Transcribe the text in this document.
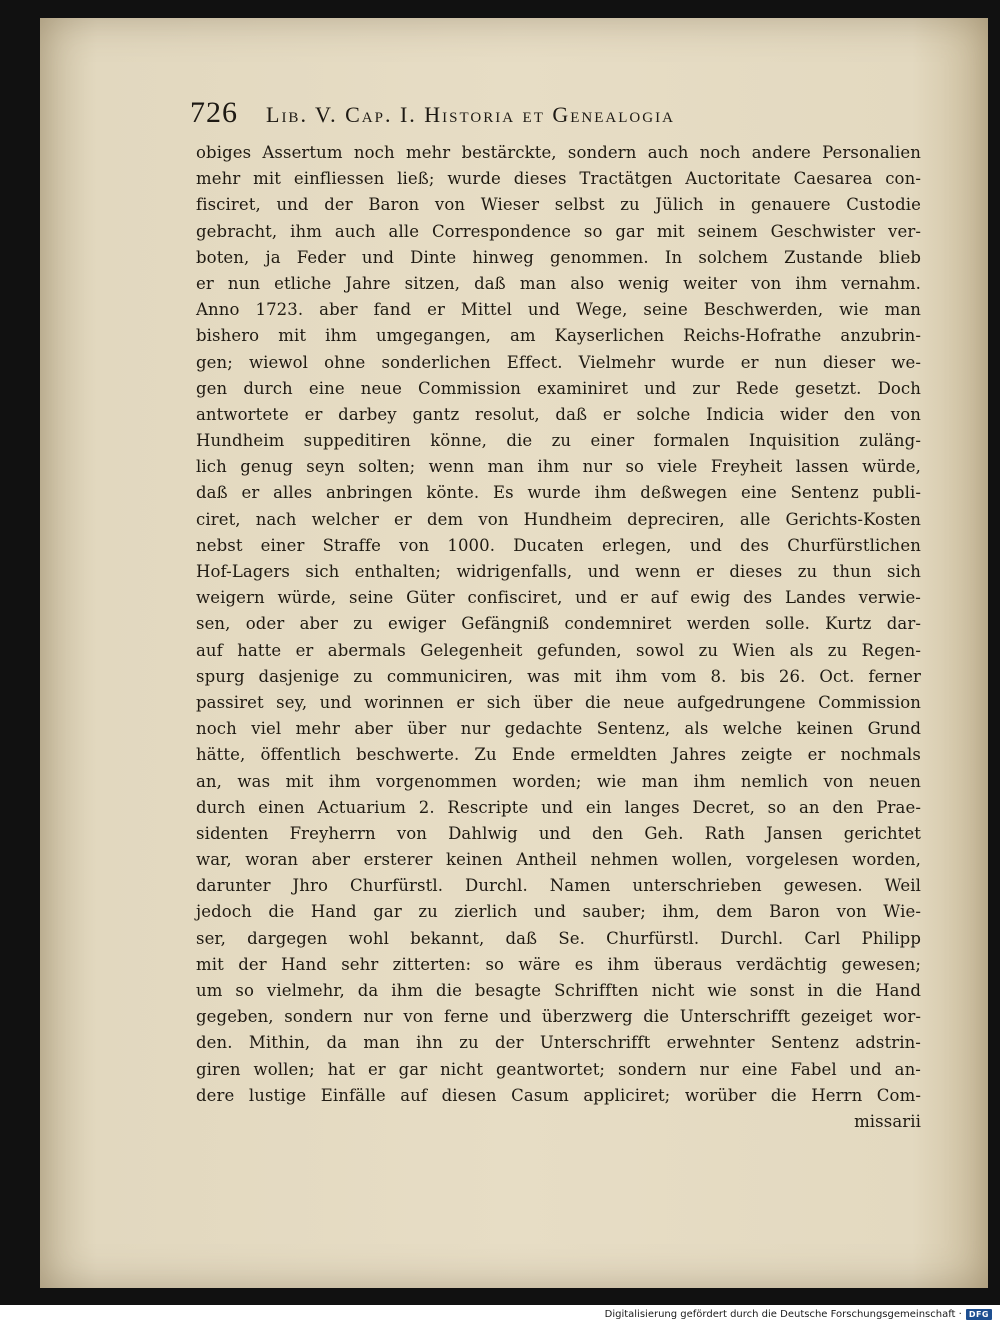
726 Lib. V. Cap. I. Historia et Genealogia
obiges Assertum noch mehr bestärckte, sondern auch noch andere Personalien
mehr mit einfliessen ließ; wurde dieses Tractätgen Auctoritate Caesarea con-
fisciret, und der Baron von Wieser selbst zu Jülich in genauere Custodie
gebracht, ihm auch alle Correspondence so gar mit seinem Geschwister ver-
boten, ja Feder und Dinte hinweg genommen. In solchem Zustande blieb
er nun etliche Jahre sitzen, daß man also wenig weiter von ihm vernahm.
Anno 1723. aber fand er Mittel und Wege, seine Beschwerden, wie man
bishero mit ihm umgegangen, am Kayserlichen Reichs-Hofrathe anzubrin-
gen; wiewol ohne sonderlichen Effect. Vielmehr wurde er nun dieser we-
gen durch eine neue Commission examiniret und zur Rede gesetzt. Doch
antwortete er darbey gantz resolut, daß er solche Indicia wider den von
Hundheim suppeditiren könne, die zu einer formalen Inquisition zuläng-
lich genug seyn solten; wenn man ihm nur so viele Freyheit lassen würde,
daß er alles anbringen könte. Es wurde ihm deßwegen eine Sentenz publi-
ciret, nach welcher er dem von Hundheim depreciren, alle Gerichts-Kosten
nebst einer Straffe von 1000. Ducaten erlegen, und des Churfürstlichen
Hof-Lagers sich enthalten; widrigenfalls, und wenn er dieses zu thun sich
weigern würde, seine Güter confisciret, und er auf ewig des Landes verwie-
sen, oder aber zu ewiger Gefängniß condemniret werden solle. Kurtz dar-
auf hatte er abermals Gelegenheit gefunden, sowol zu Wien als zu Regen-
spurg dasjenige zu communiciren, was mit ihm vom 8. bis 26. Oct. ferner
passiret sey, und worinnen er sich über die neue aufgedrungene Commission
noch viel mehr aber über nur gedachte Sentenz, als welche keinen Grund
hätte, öffentlich beschwerte. Zu Ende ermeldten Jahres zeigte er nochmals
an, was mit ihm vorgenommen worden; wie man ihm nemlich von neuen
durch einen Actuarium 2. Rescripte und ein langes Decret, so an den Prae-
sidenten Freyherrn von Dahlwig und den Geh. Rath Jansen gerichtet
war, woran aber ersterer keinen Antheil nehmen wollen, vorgelesen worden,
darunter Jhro Churfürstl. Durchl. Namen unterschrieben gewesen. Weil
jedoch die Hand gar zu zierlich und sauber; ihm, dem Baron von Wie-
ser, dargegen wohl bekannt, daß Se. Churfürstl. Durchl. Carl Philipp
mit der Hand sehr zitterten: so wäre es ihm überaus verdächtig gewesen;
um so vielmehr, da ihm die besagte Schrifften nicht wie sonst in die Hand
gegeben, sondern nur von ferne und überzwerg die Unterschrifft gezeiget wor-
den. Mithin, da man ihn zu der Unterschrifft erwehnter Sentenz adstrin-
giren wollen; hat er gar nicht geantwortet; sondern nur eine Fabel und an-
dere lustige Einfälle auf diesen Casum appliciret; worüber die Herrn Com-
missarii
Digitalisierung gefördert durch die Deutsche Forschungsgemeinschaft · DFG
